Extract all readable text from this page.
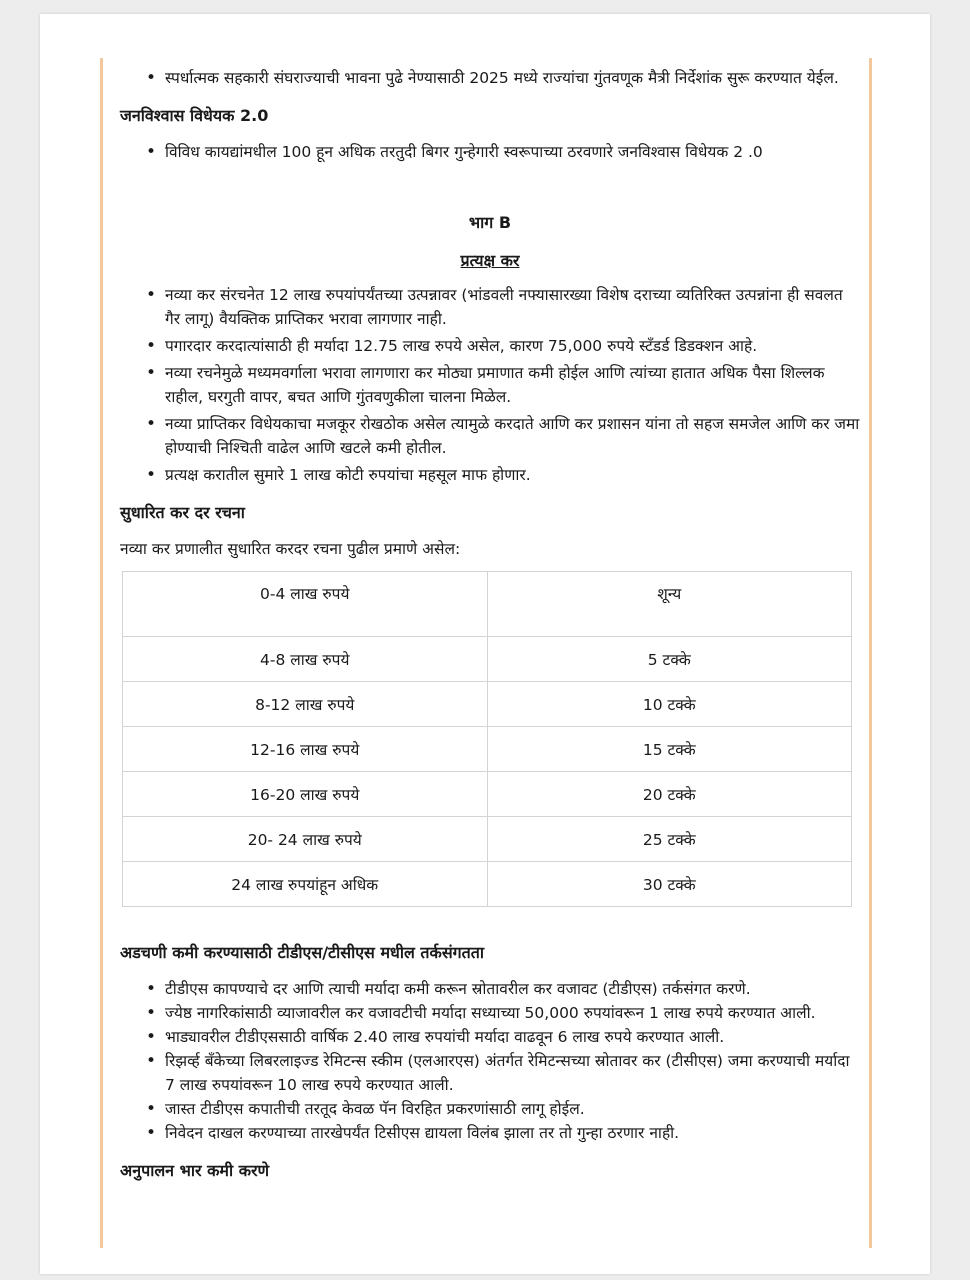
• स्पर्धात्मक सहकारी संघराज्याची भावना पुढे नेण्यासाठी 2025 मध्ये राज्यांचा गुंतवणूक मैत्री निर्देशांक सुरू करण्यात येईल.
जनविश्वास विधेयक 2.0
• विविध कायद्यांमधील 100 हून अधिक तरतुदी बिगर गुन्हेगारी स्वरूपाच्या ठरवणारे जनविश्वास विधेयक 2 .0
भाग B
प्रत्यक्ष कर
• नव्या कर संरचनेत 12 लाख रुपयांपर्यंतच्या उत्पन्नावर (भांडवली नफ्यासारख्या विशेष दराच्या व्यतिरिक्त उत्पन्नांना ही सवलत गैर लागू) वैयक्तिक प्राप्तिकर भरावा लागणार नाही.
• पगारदार करदात्यांसाठी ही मर्यादा 12.75 लाख रुपये असेल, कारण 75,000 रुपये स्टँडर्ड डिडक्शन आहे.
• नव्या रचनेमुळे मध्यमवर्गाला भरावा लागणारा कर मोठ्या प्रमाणात कमी होईल आणि त्यांच्या हातात अधिक पैसा शिल्लक राहील, घरगुती वापर, बचत आणि गुंतवणुकीला चालना मिळेल.
• नव्या प्राप्तिकर विधेयकाचा मजकूर रोखठोक असेल त्यामुळे करदाते आणि कर प्रशासन यांना तो सहज समजेल आणि कर जमा होण्याची निश्चिती वाढेल आणि खटले कमी होतील.
• प्रत्यक्ष करातील सुमारे 1 लाख कोटी रुपयांचा महसूल माफ होणार.
सुधारित कर दर रचना
नव्या कर प्रणालीत सुधारित करदर रचना पुढील प्रमाणे असेल:
0-4 लाख रुपये	शून्य
4-8 लाख रुपये	5 टक्के
8-12 लाख रुपये	10 टक्के
12-16 लाख रुपये	15 टक्के
16-20 लाख रुपये	20 टक्के
20- 24 लाख रुपये	25 टक्के
24 लाख रुपयांहून अधिक	30 टक्के
अडचणी कमी करण्यासाठी टीडीएस/टीसीएस मधील तर्कसंगतता
• टीडीएस कापण्याचे दर आणि त्याची मर्यादा कमी करून स्रोतावरील कर वजावट (टीडीएस) तर्कसंगत करणे.
• ज्येष्ठ नागरिकांसाठी व्याजावरील कर वजावटीची मर्यादा सध्याच्या 50,000 रुपयांवरून 1 लाख रुपये करण्यात आली.
• भाड्यावरील टीडीएससाठी वार्षिक 2.40 लाख रुपयांची मर्यादा वाढवून 6 लाख रुपये करण्यात आली.
• रिझर्व्ह बँकेच्या लिबरलाइज्ड रेमिटन्स स्कीम (एलआरएस) अंतर्गत रेमिटन्सच्या स्रोतावर कर (टीसीएस) जमा करण्याची मर्यादा 7 लाख रुपयांवरून 10 लाख रुपये करण्यात आली.
• जास्त टीडीएस कपातीची तरतूद केवळ पॅन विरहित प्रकरणांसाठी लागू होईल.
• निवेदन दाखल करण्याच्या तारखेपर्यंत टिसीएस द्यायला विलंब झाला तर तो गुन्हा ठरणार नाही.
अनुपालन भार कमी करणे
